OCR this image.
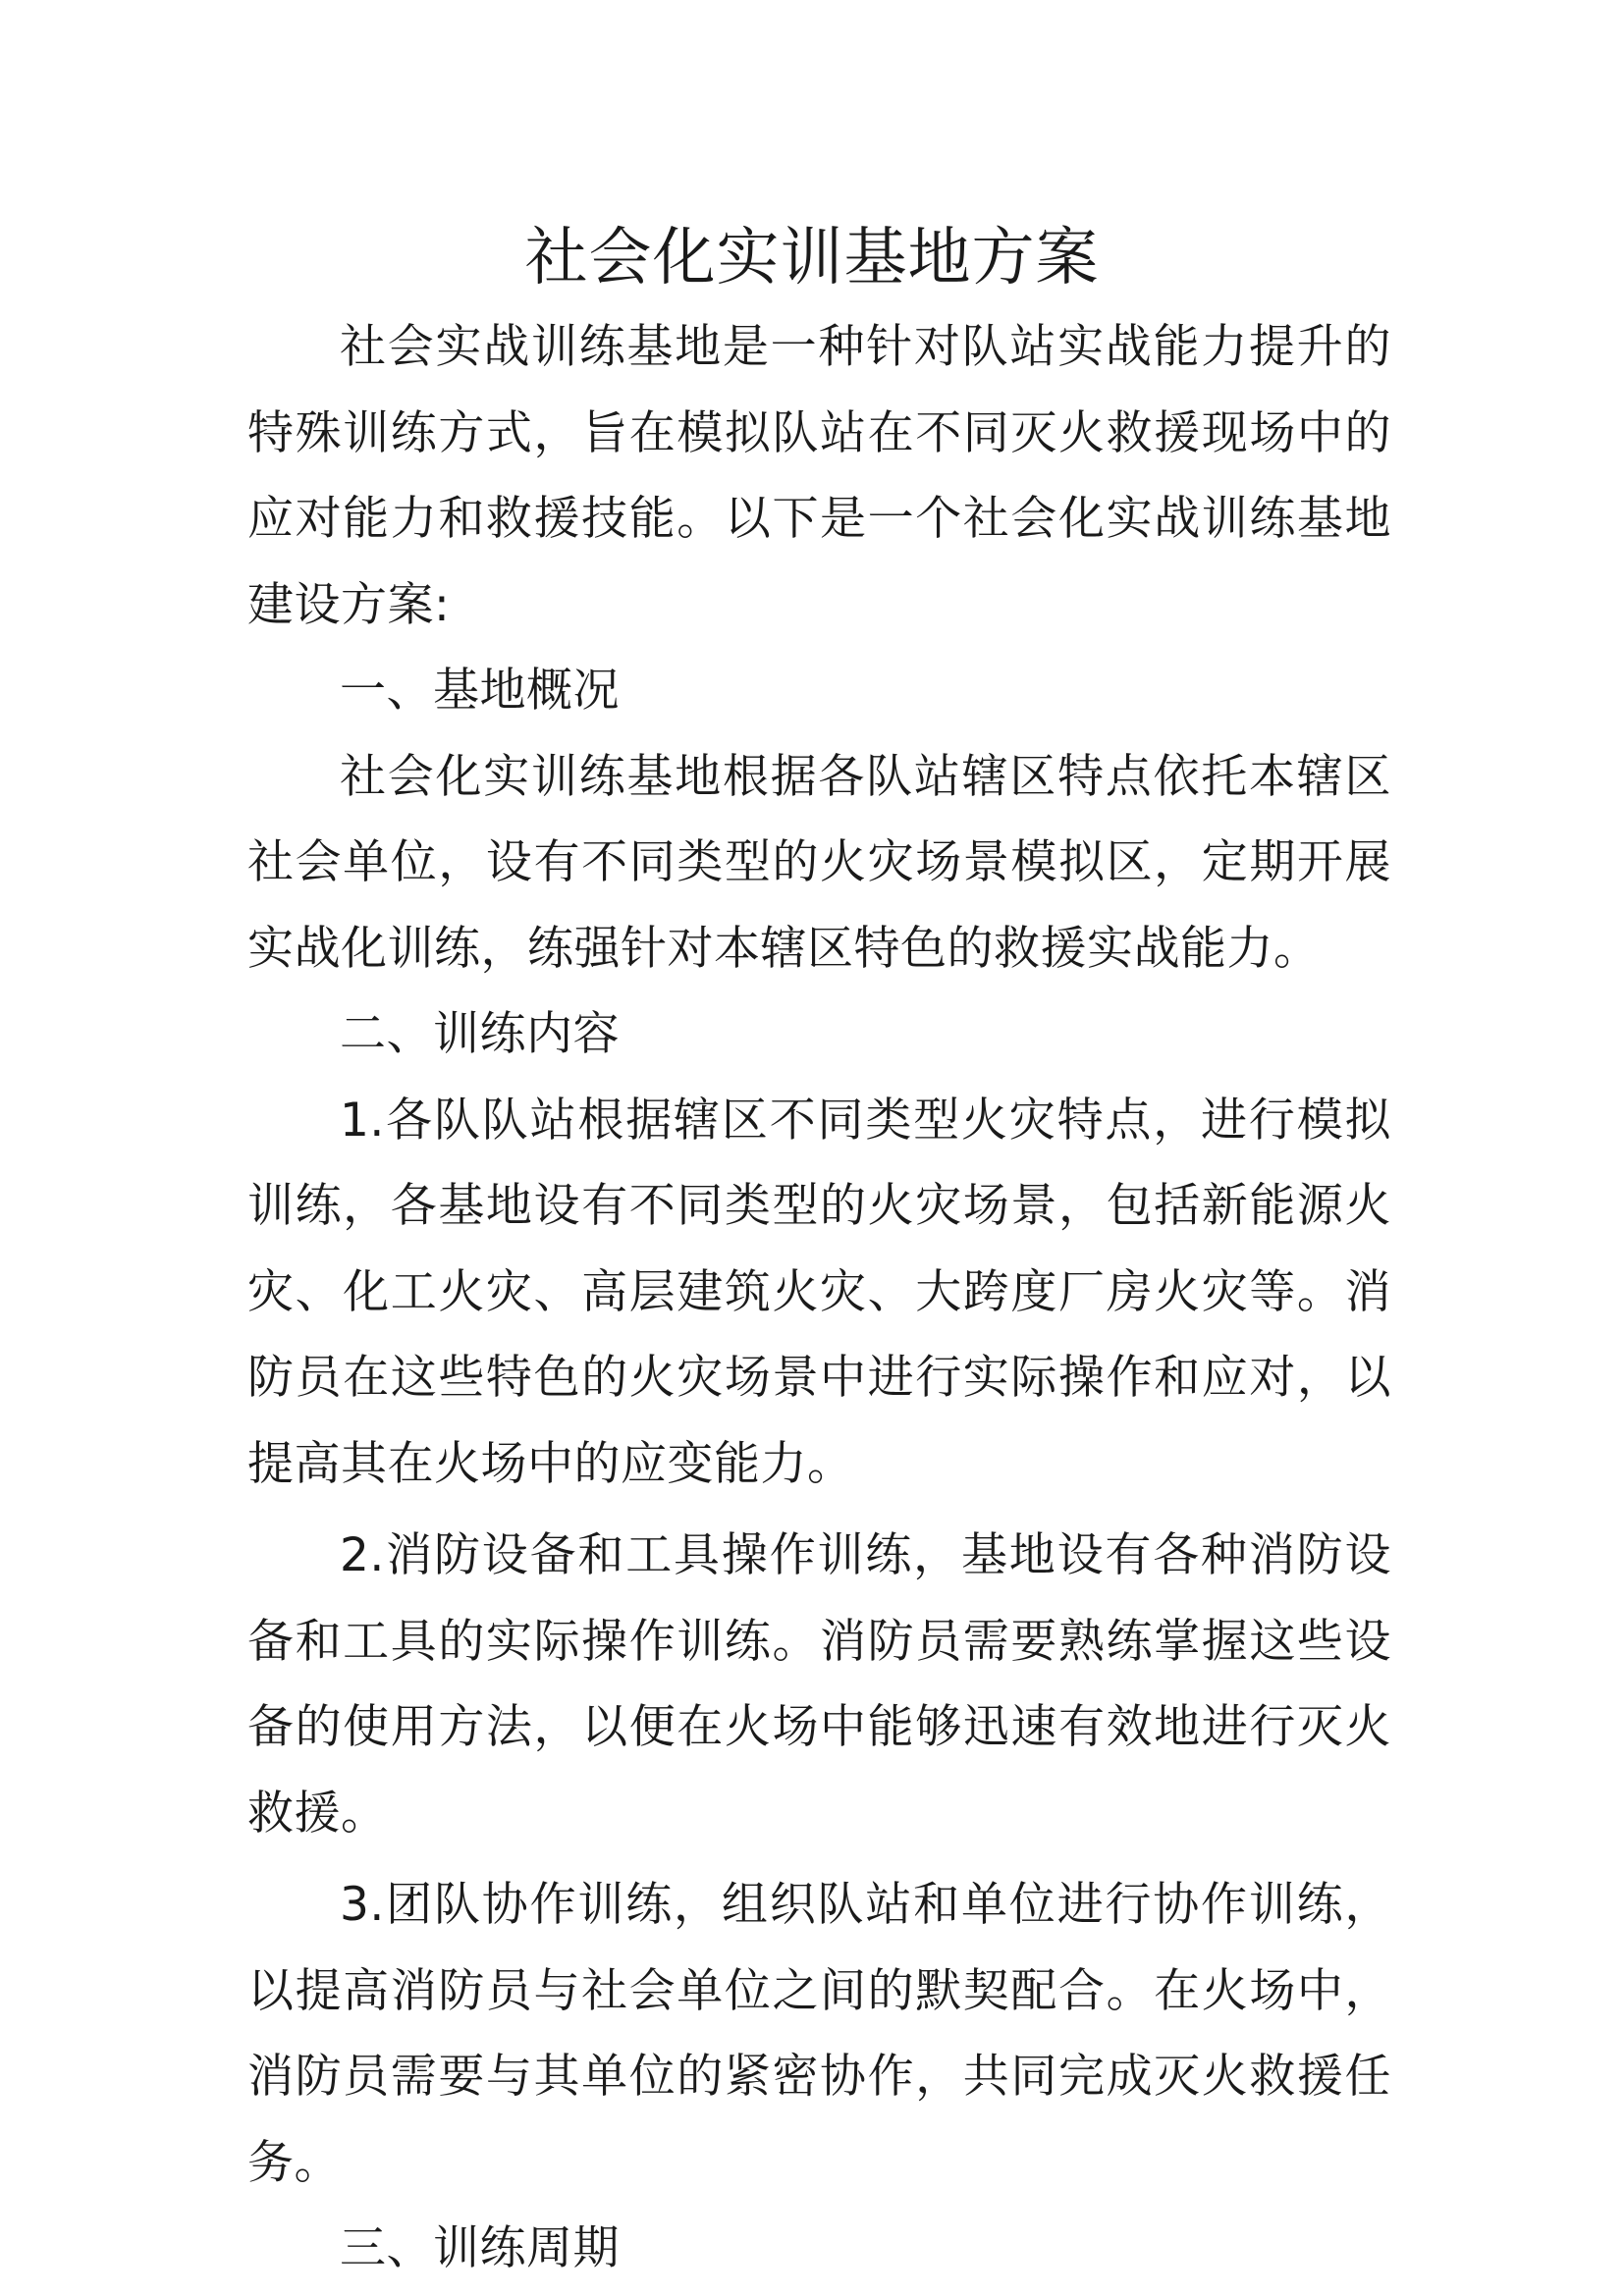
社会化实训基地方案

社会实战训练基地是一种针对队站实战能力提升的特殊训练方式，旨在模拟队站在不同灭火救援现场中的应对能力和救援技能。以下是一个社会化实战训练基地建设方案:

一、基地概况

社会化实训练基地根据各队站辖区特点依托本辖区社会单位，设有不同类型的火灾场景模拟区，定期开展实战化训练，练强针对本辖区特色的救援实战能力。

二、训练内容

1.各队队站根据辖区不同类型火灾特点，进行模拟训练，各基地设有不同类型的火灾场景，包括新能源火灾、化工火灾、高层建筑火灾、大跨度厂房火灾等。消防员在这些特色的火灾场景中进行实际操作和应对，以提高其在火场中的应变能力。

2.消防设备和工具操作训练，基地设有各种消防设备和工具的实际操作训练。消防员需要熟练掌握这些设备的使用方法，以便在火场中能够迅速有效地进行灭火救援。

3.团队协作训练，组织队站和单位进行协作训练，以提高消防员与社会单位之间的默契配合。在火场中，消防员需要与其单位的紧密协作，共同完成灭火救援任务。

三、训练周期
